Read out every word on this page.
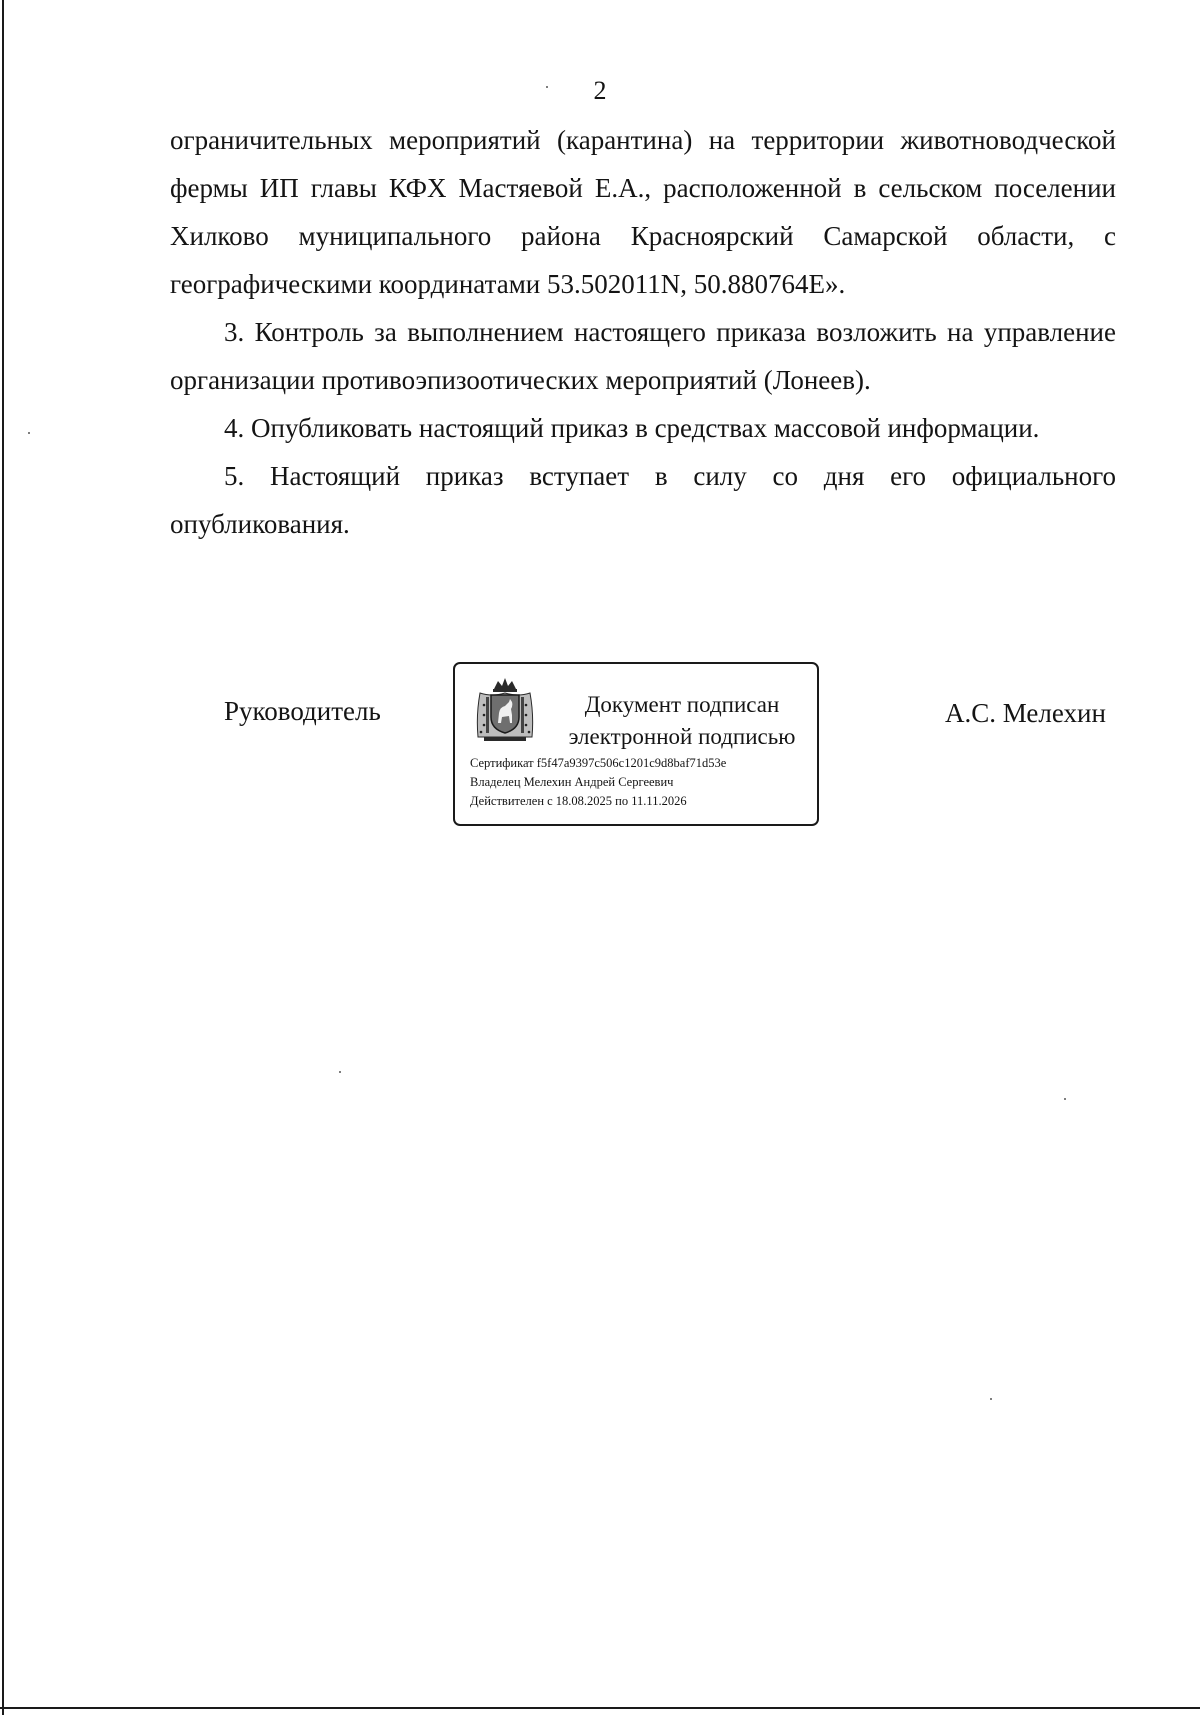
2

ограничительных мероприятий (карантина) на территории животноводческой фермы ИП главы КФХ Мастяевой Е.А., расположенной в сельском поселении Хилково муниципального района Красноярский Самарской области, с географическими координатами 53.502011N, 50.880764E».

3. Контроль за выполнением настоящего приказа возложить на управление организации противоэпизоотических мероприятий (Лонеев).

4. Опубликовать настоящий приказ в средствах массовой информации.

5. Настоящий приказ вступает в силу со дня его официального опубликования.

Руководитель	Документ подписан
электронной подписью
Сертификат f5f47a9397c506c1201c9d8baf71d53e
Владелец Мелехин Андрей Сергеевич
Действителен с 18.08.2025 по 11.11.2026
А.С. Мелехин
